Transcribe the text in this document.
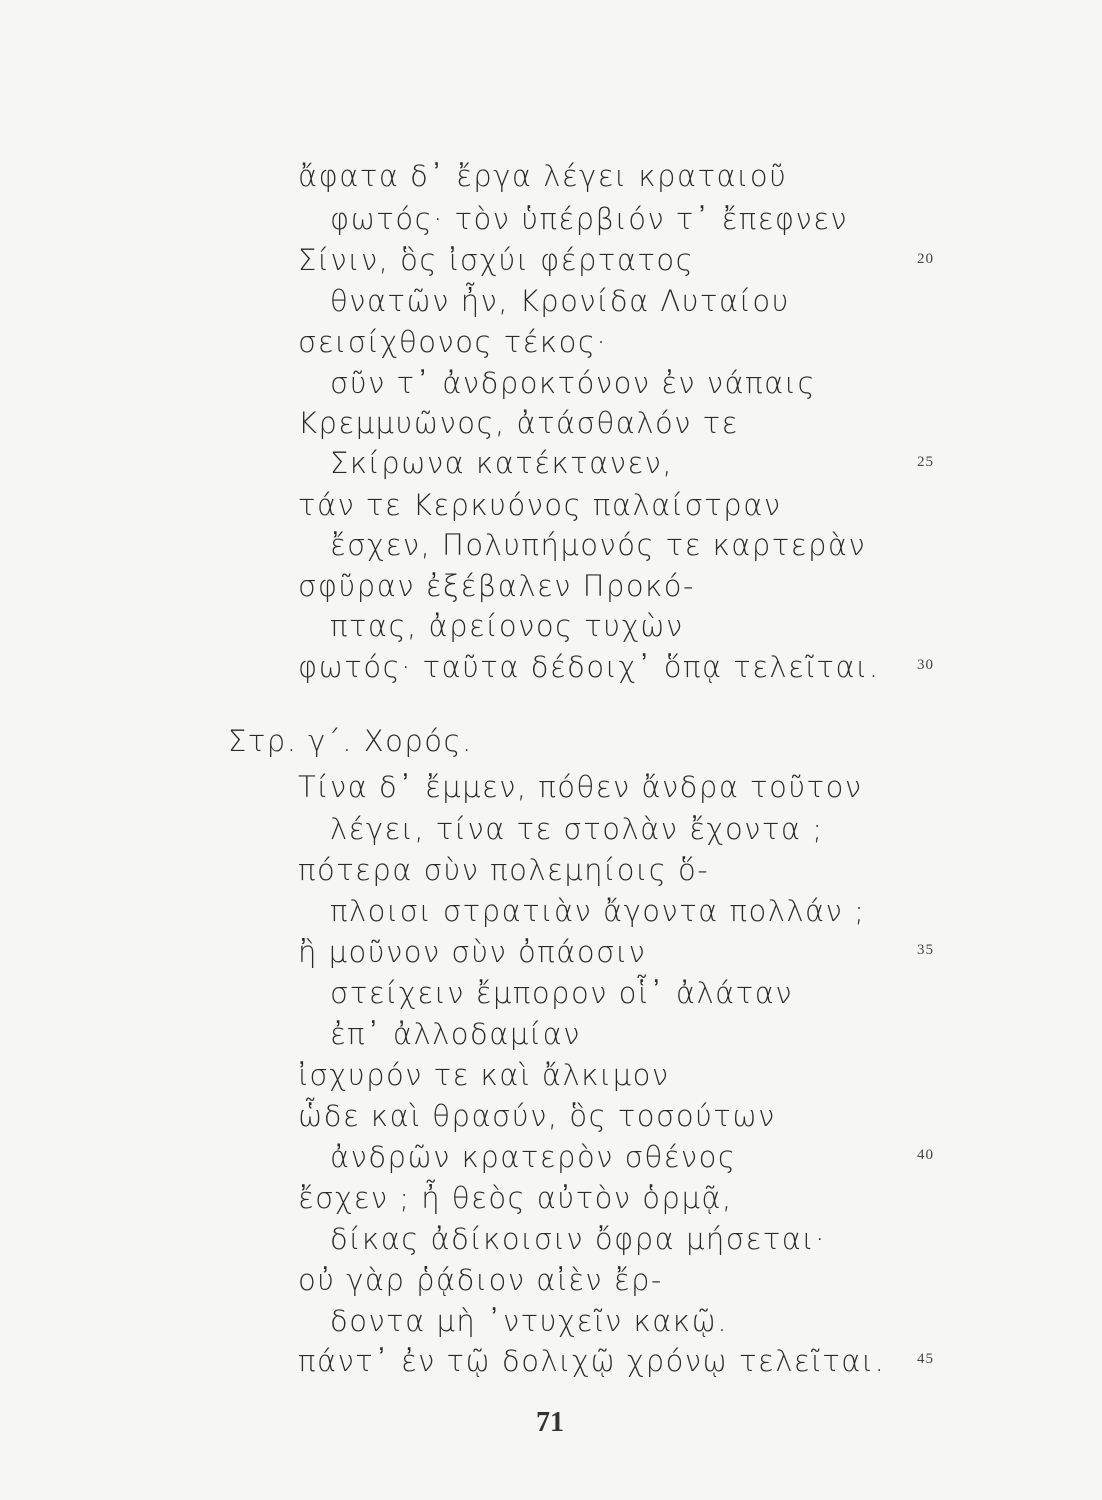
ἄφατα δ᾽ ἔργα λέγει κραταιοῦ
φωτός· τὸν ὑπέρβιόν τ᾽ ἔπεφνεν
Σίνιν, ὃς ἰσχύι φέρτατος	20
θνατῶν ἦν, Κρονίδα Λυταίου
σεισίχθονος τέκος·
σῦν τ᾽ ἀνδροκτόνον ἐν νάπαις
Κρεμμυῶνος, ἀτάσθαλόν τε
Σκίρωνα κατέκτανεν,	25
τάν τε Κερκυόνος παλαίστραν
ἔσχεν, Πολυπήμονός τε καρτερὰν
σφῦραν ἐξέβαλεν Προκό-
πτας, ἀρείονος τυχὼν
φωτός· ταῦτα δέδοιχ᾽ ὅπᾳ τελεῖται. 30
Στρ. γ΄. Χορός.
Τίνα δ᾽ ἔμμεν, πόθεν ἄνδρα τοῦτον
λέγει, τίνα τε στολὰν ἔχοντα ;
πότερα σὺν πολεμηίοις ὅ-
πλοισι στρατιὰν ἄγοντα πολλάν ;
ἢ μοῦνον σὺν ὀπάοσιν	35
στείχειν ἔμπορον οἷ᾽ ἀλάταν
ἐπ᾽ ἀλλοδαμίαν
ἰσχυρόν τε καὶ ἄλκιμον
ὧδε καὶ θρασύν, ὃς τοσούτων
ἀνδρῶν κρατερὸν σθένος	40
ἔσχεν ; ἦ θεὸς αὐτὸν ὁρμᾷ,
δίκας ἀδίκοισιν ὄφρα μήσεται·
οὐ γὰρ ῥᾴδιον αἰὲν ἔρ-
δοντα μὴ ᾽ντυχεῖν κακῷ.
πάντ᾽ ἐν τῷ δολιχῷ χρόνῳ τελεῖται. 45
71
